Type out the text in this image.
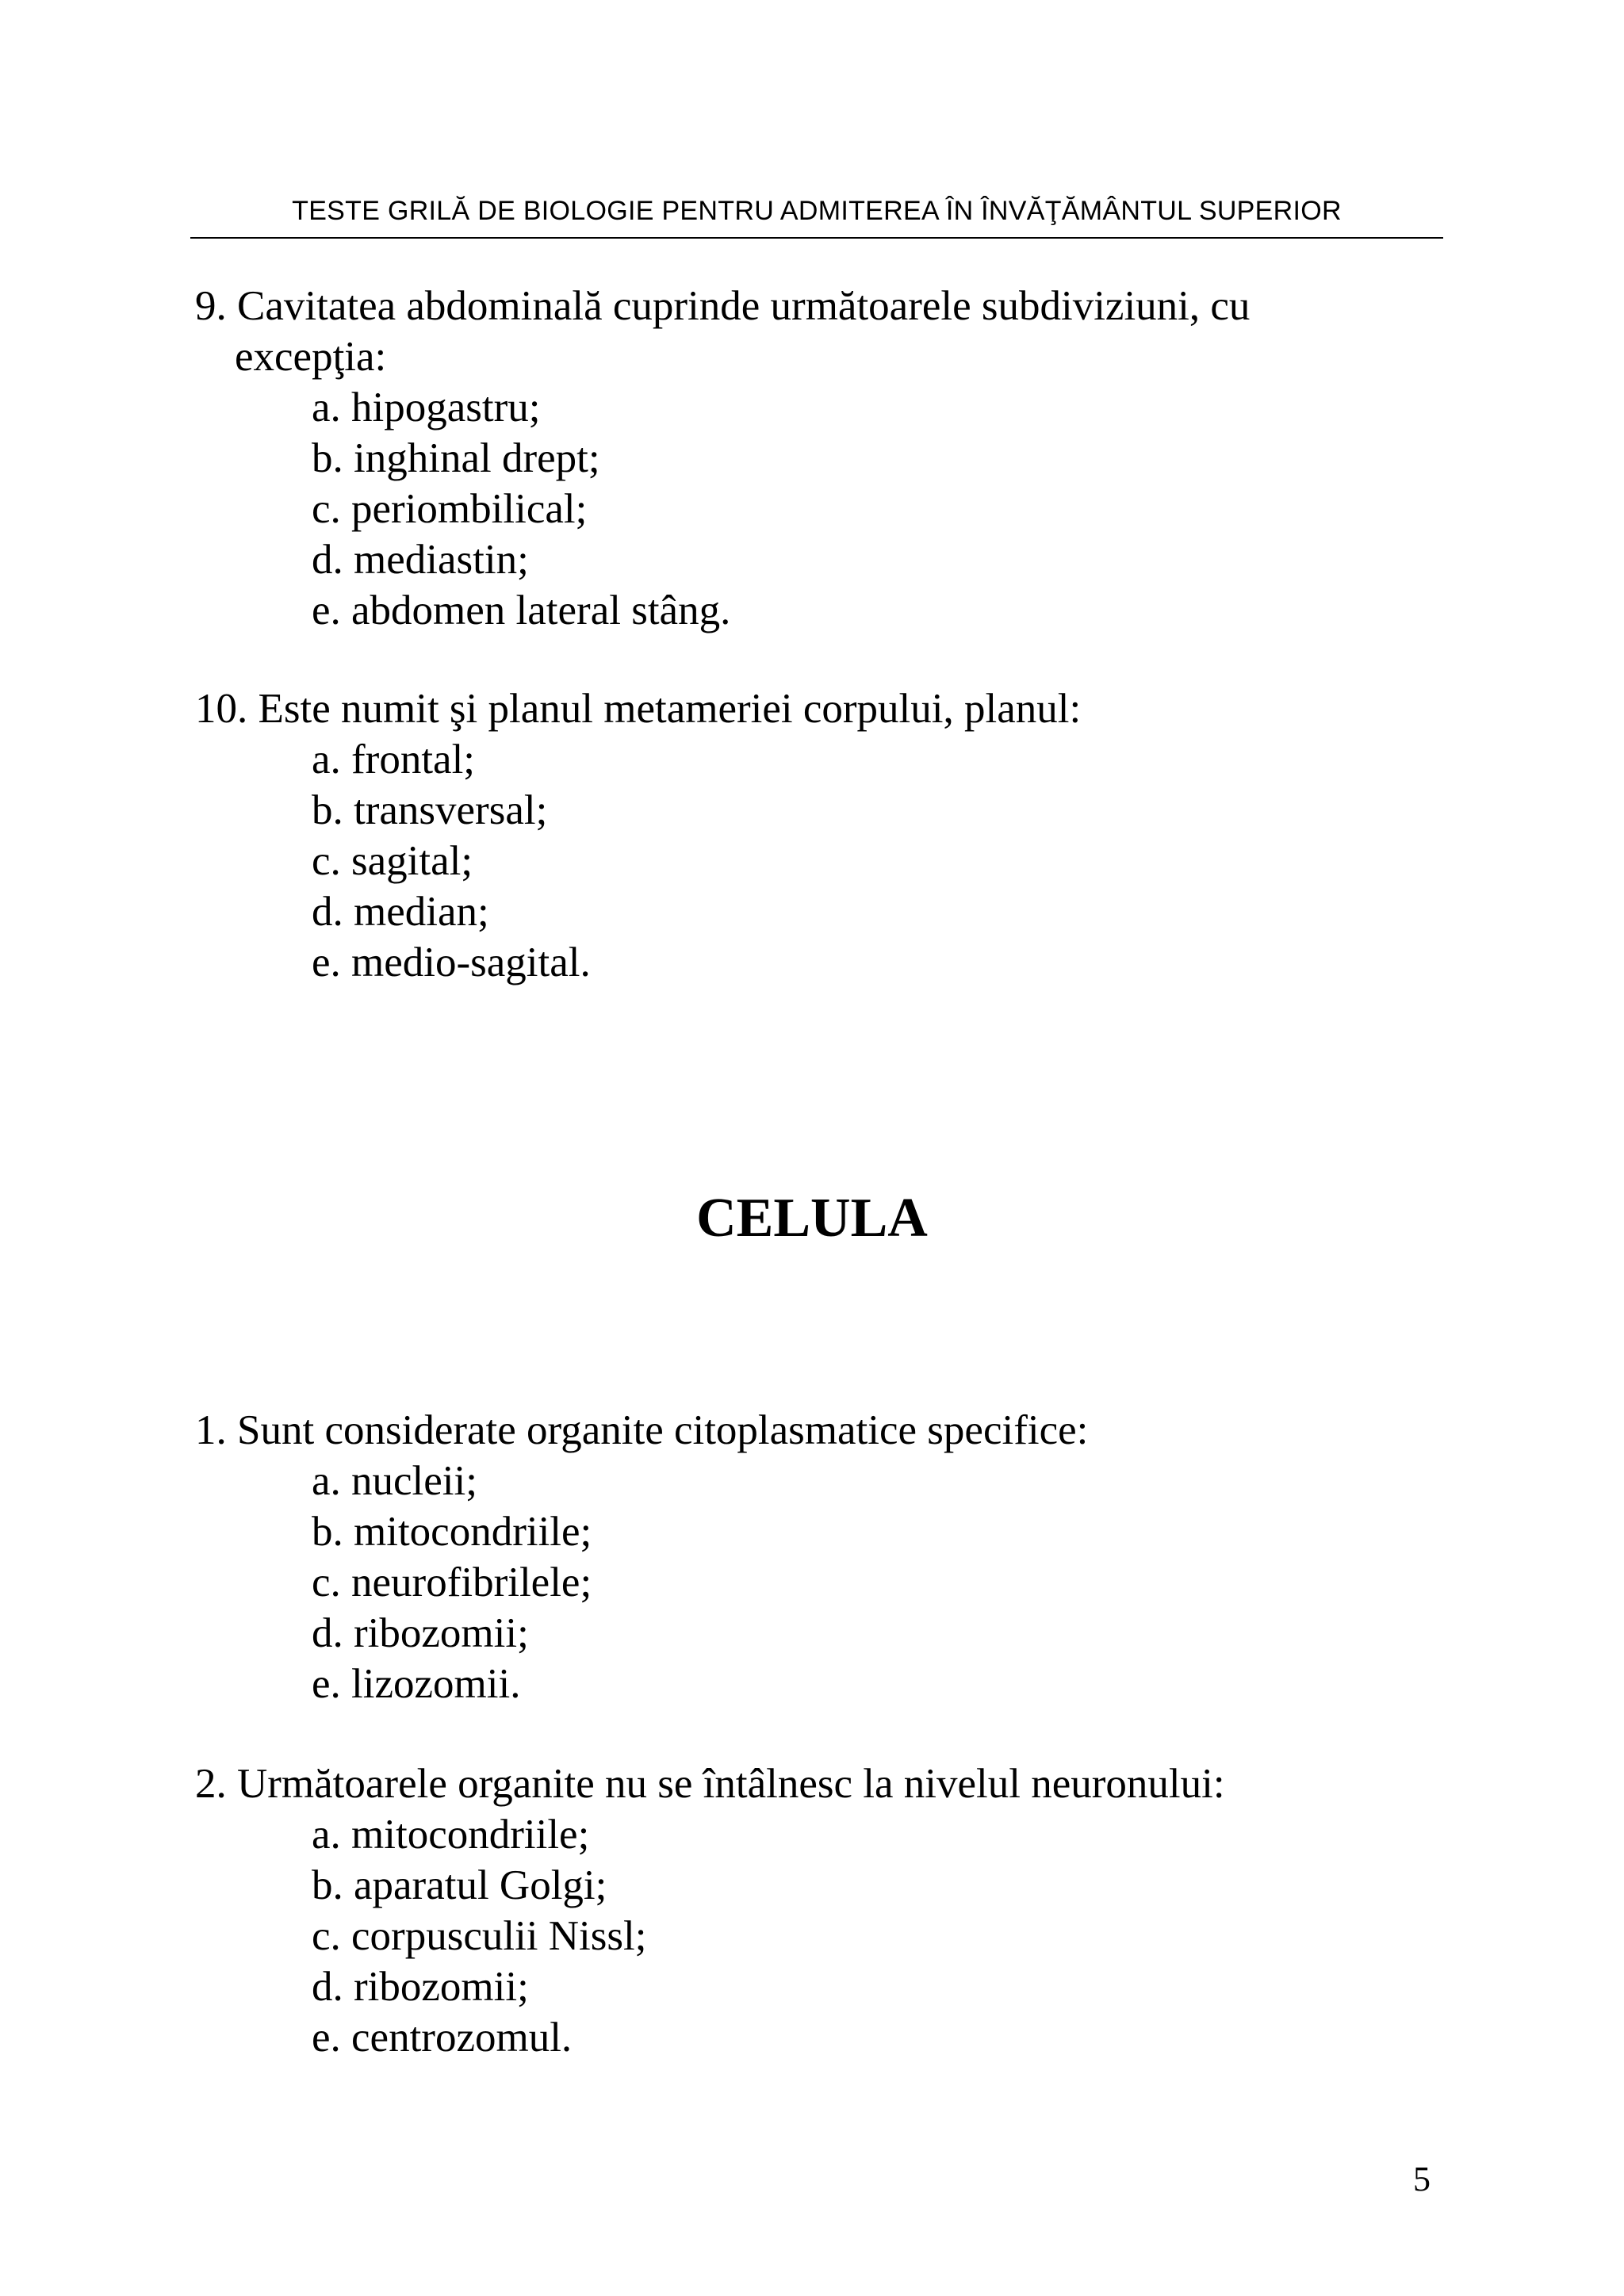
TESTE GRILĂ DE BIOLOGIE PENTRU ADMITEREA ÎN ÎNVĂŢĂMÂNTUL SUPERIOR
9. Cavitatea abdominală cuprinde următoarele subdiviziuni, cu
excepţia:
a. hipogastru;
b. inghinal drept;
c. periombilical;
d. mediastin;
e. abdomen lateral stâng.
10. Este numit şi planul metameriei corpului, planul:
a. frontal;
b. transversal;
c. sagital;
d. median;
e. medio-sagital.
CELULA
1. Sunt considerate organite citoplasmatice specifice:
a. nucleii;
b. mitocondriile;
c. neurofibrilele;
d. ribozomii;
e. lizozomii.
2. Următoarele organite nu se întâlnesc la nivelul neuronului:
a. mitocondriile;
b. aparatul Golgi;
c. corpusculii Nissl;
d. ribozomii;
e. centrozomul.
5
